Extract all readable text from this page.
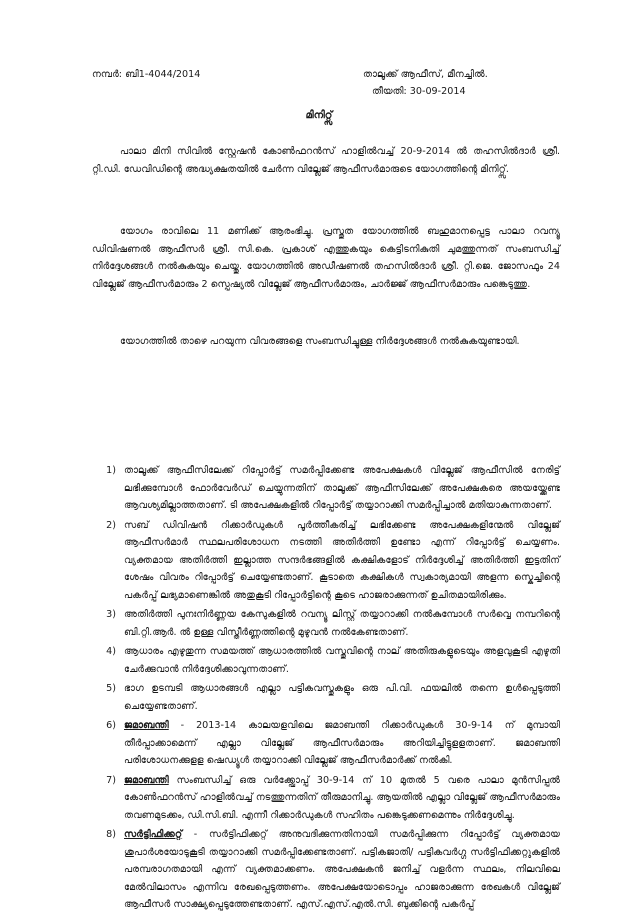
നമ്പർ: ബി1-4044/2014	താലൂക്ക് ആഫീസ്, മീനച്ചിൽ.
തീയതി: 30-09-2014
മിനിറ്റ്സ്
പാലാ മിനി സിവിൽ സ്റ്റേഷൻ കോൺഫറൻസ് ഹാളിൽവച്ച് 20-9-2014 ൽ തഹസിൽദാർ ശ്രീ. റ്റി.ഡി. ഡേവിഡിന്റെ അദ്ധ്യക്ഷതയിൽ ചേർന്ന വില്ലേജ് ആഫീസർമാരുടെ യോഗത്തിന്റെ മിനിറ്റ്സ്.
യോഗം രാവിലെ 11 മണിക്ക് ആരംഭിച്ചു. പ്രസ്തുത യോഗത്തിൽ ബഹുമാനപ്പെട്ട പാലാ റവന്യൂ ഡിവിഷണൽ ആഫീസർ ശ്രീ. സി.കെ. പ്രകാശ് എത്തുകയും കെട്ടിടനികുതി ചുമത്തുന്നത് സംബന്ധിച്ച് നിർദ്ദേശങ്ങൾ നൽകുകയും ചെയ്തു. യോഗത്തിൽ അഡീഷണൽ തഹസിൽദാർ ശ്രീ. റ്റി.ജെ. ജോസഫും 24 വില്ലേജ് ആഫീസർമാരും 2 സ്പെഷ്യൽ വില്ലേജ് ആഫീസർമാരും, ചാർജ്ജ് ആഫീസർമാരും പങ്കെടുത്തു.
യോഗത്തിൽ താഴെ പറയുന്ന വിവരങ്ങളെ സംബന്ധിച്ചുള്ള നിർദ്ദേശങ്ങൾ നൽകുകയുണ്ടായി.
1) താലൂക്ക് ആഫീസിലേക്ക് റിപ്പോർട്ട് സമർപ്പിക്കേണ്ട അപേക്ഷകൾ വില്ലേജ് ആഫീസിൽ നേരിട്ട് ലഭിക്കുമ്പോൾ ഫോർവേർഡ് ചെയ്യുന്നതിന് താലൂക്ക് ആഫീസിലേക്ക് അപേക്ഷകരെ അയയ്ക്കേണ്ട ആവശ്യമില്ലാത്തതാണ്. ടി അപേക്ഷകളിൽ റിപ്പോർട്ട് തയ്യാറാക്കി സമർപ്പിച്ചാൽ മതിയാകുന്നതാണ്.
2) സബ് ഡിവിഷൻ റിക്കാർഡുകൾ പൂർത്തീകരിച്ച് ലഭിക്കേണ്ട അപേക്ഷകളിന്മേൽ വില്ലേജ് ആഫീസർമാർ സ്ഥലപരിശോധന നടത്തി അതിർത്തി ഉണ്ടോ എന്ന് റിപ്പോർട്ട് ചെയ്യണം. വ്യക്തമായ അതിർത്തി ഇല്ലാത്ത സന്ദർഭങ്ങളിൽ കക്ഷികളോട് നിർദ്ദേശിച്ച് അതിർത്തി ഇട്ടതിന് ശേഷം വിവരം റിപ്പോർട്ട് ചെയ്യേണ്ടതാണ്. കൂടാതെ കക്ഷികൾ സ്വകാര്യമായി അളന്ന സ്കെച്ചിന്റെ പകർപ്പ് ലഭ്യമാണെങ്കിൽ അതുകൂടി റിപ്പോർട്ടിന്റെ കൂടെ ഹാജരാക്കുന്നത് ഉചിതമായിരിക്കും.
3) അതിർത്തി പുനഃനിർണ്ണയ കേസുകളിൽ റവന്യൂ ലിസ്റ്റ് തയ്യാറാക്കി നൽകുമ്പോൾ സർവ്വെ നമ്പറിന്റെ ബി.റ്റി.ആർ. ൽ ഉള്ള വിസ്തീർണ്ണത്തിന്റെ മുഴുവൻ നൽകേണ്ടതാണ്.
4) ആധാരം എഴുതുന്ന സമയത്ത് ആധാരത്തിൽ വസ്തുവിന്റെ നാല് അതിരുകളുടെയും അളവുകൂടി എഴുതി ചേർക്കുവാൻ നിർദ്ദേശിക്കാവുന്നതാണ്.
5) ഭാഗ ഉടമ്പടി ആധാരങ്ങൾ എല്ലാ പട്ടികവസ്തുകളും ഒരു പി.വി. ഫയലിൽ തന്നെ ഉൾപ്പെടുത്തി ചെയ്യേണ്ടതാണ്.
6) ജമാബന്തി - 2013-14 കാലയളവിലെ ജമാബന്തി റിക്കാർഡുകൾ 30-9-14 ന് മുമ്പായി തീർപ്പാക്കാമെന്ന് എല്ലാ വില്ലേജ് ആഫീസർമാരും അറിയിച്ചിട്ടുളളതാണ്. ജമാബന്തി പരിശോധനക്കുളള ഷെഡ്യൂൾ തയ്യാറാക്കി വില്ലേജ് ആഫീസർമാർക്ക് നൽകി.
7) ജമാബന്തി സംബന്ധിച്ച് ഒരു വർക്ക്ഷോപ്പ് 30-9-14 ന് 10 മുതൽ 5 വരെ പാലാ മുൻസിപ്പൽ കോൺഫറൻസ് ഹാളിൽവച്ച് നടത്തുന്നതിന് തീരുമാനിച്ചു. ആയതിൽ എല്ലാ വില്ലേജ് ആഫീസർമാരും തവണമുടക്കം, ഡി.സി.ബി. എന്നീ റിക്കാർഡുകൾ സഹിതം പങ്കെടുക്കണമെന്നും നിർദ്ദേശിച്ചു.
8) സർട്ടിഫിക്കറ്റ് - സർട്ടിഫിക്കറ്റ് അനുവദിക്കുന്നതിനായി സമർപ്പിക്കുന്ന റിപ്പോർട്ട് വ്യക്തമായ ശുപാർശയോടുകൂടി തയ്യാറാക്കി സമർപ്പിക്കേണ്ടതാണ്. പട്ടികജാതി/ പട്ടികവർഗ്ഗ സർട്ടിഫിക്കറ്റുകളിൽ പരമ്പരാഗതമായി എന്ന് വ്യക്തമാക്കണം. അപേക്ഷകൻ ജനിച്ച് വളർന്ന സ്ഥലം, നിലവിലെ മേൽവിലാസം എന്നിവ രേഖപ്പെടുത്തണം. അപേക്ഷയോടൊപ്പം ഹാജരാക്കുന്ന രേഖകൾ വില്ലേജ് ആഫീസർ സാക്ഷ്യപ്പെടുത്തേണ്ടതാണ്. എസ്.എസ്.എൽ.സി. ബുക്കിന്റെ പകർപ്പ്
